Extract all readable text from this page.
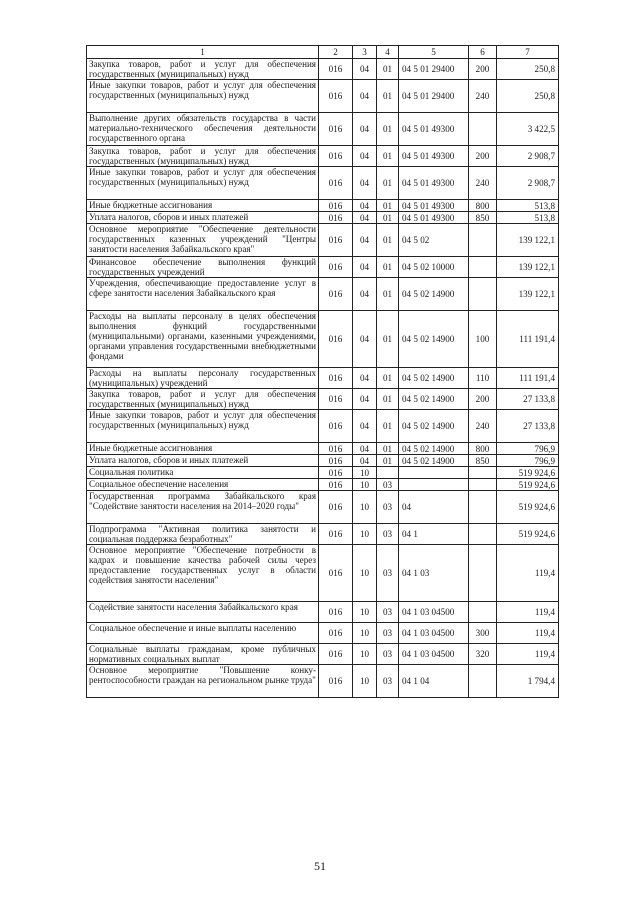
1	2	3	4	5	6	7
Закупка товаров, работ и услуг для обеспечения государственных (муниципальных) нужд	016	04	01	04 5 01 29400	200	250,8
Иные закупки товаров, работ и услуг для обеспечения государственных (муниципальных) нужд	016	04	01	04 5 01 29400	240	250,8
Выполнение других обязательств государства в части материально-технического обеспечения деятельности государственного органа	016	04	01	04 5 01 49300		3 422,5
Закупка товаров, работ и услуг для обеспечения государственных (муниципальных) нужд	016	04	01	04 5 01 49300	200	2 908,7
Иные закупки товаров, работ и услуг для обеспечения государственных (муниципальных) нужд	016	04	01	04 5 01 49300	240	2 908,7
Иные бюджетные ассигнования	016	04	01	04 5 01 49300	800	513,8
Уплата налогов, сборов и иных платежей	016	04	01	04 5 01 49300	850	513,8
Основное мероприятие "Обеспечение деятельности государственных казенных учреждений "Центры занятости населения Забайкальского края"	016	04	01	04 5 02		139 122,1
Финансовое обеспечение выполнения функций государственных учреждений	016	04	01	04 5 02 10000		139 122,1
Учреждения, обеспечивающие предоставление услуг в сфере занятости населения Забайкальского края	016	04	01	04 5 02 14900		139 122,1
Расходы на выплаты персоналу в целях обеспечения выполнения функций государственными (муниципальными) органами, казенными учреждениями, органами управления государственными внебюджетными фондами	016	04	01	04 5 02 14900	100	111 191,4
Расходы на выплаты персоналу государственных (муниципальных) учреждений	016	04	01	04 5 02 14900	110	111 191,4
Закупка товаров, работ и услуг для обеспечения государственных (муниципальных) нужд	016	04	01	04 5 02 14900	200	27 133,8
Иные закупки товаров, работ и услуг для обеспечения государственных (муниципальных) нужд	016	04	01	04 5 02 14900	240	27 133,8
Иные бюджетные ассигнования	016	04	01	04 5 02 14900	800	796,9
Уплата налогов, сборов и иных платежей	016	04	01	04 5 02 14900	850	796,9
Социальная политика	016	10				519 924,6
Социальное обеспечение населения	016	10	03			519 924,6
Государственная программа Забайкальского края "Содействие занятости населения на 2014–2020 годы"	016	10	03	04		519 924,6
Подпрограмма "Активная политика занятости и социальная поддержка безработных"	016	10	03	04 1		519 924,6
Основное мероприятие "Обеспечение потребности в кадрах и повышение качества рабочей силы через предоставление государственных услуг в области содействия занятости населения"	016	10	03	04 1 03		119,4
Содействие занятости населения Забайкальского края	016	10	03	04 1 03 04500		119,4
Социальное обеспечение и иные выплаты населению	016	10	03	04 1 03 04500	300	119,4
Социальные выплаты гражданам, кроме публичных нормативных социальных выплат	016	10	03	04 1 03 04500	320	119,4
Основное мероприятие "Повышение конкурентоспособности граждан на региональном рынке труда"	016	10	03	04 1 04		1 794,4
51
